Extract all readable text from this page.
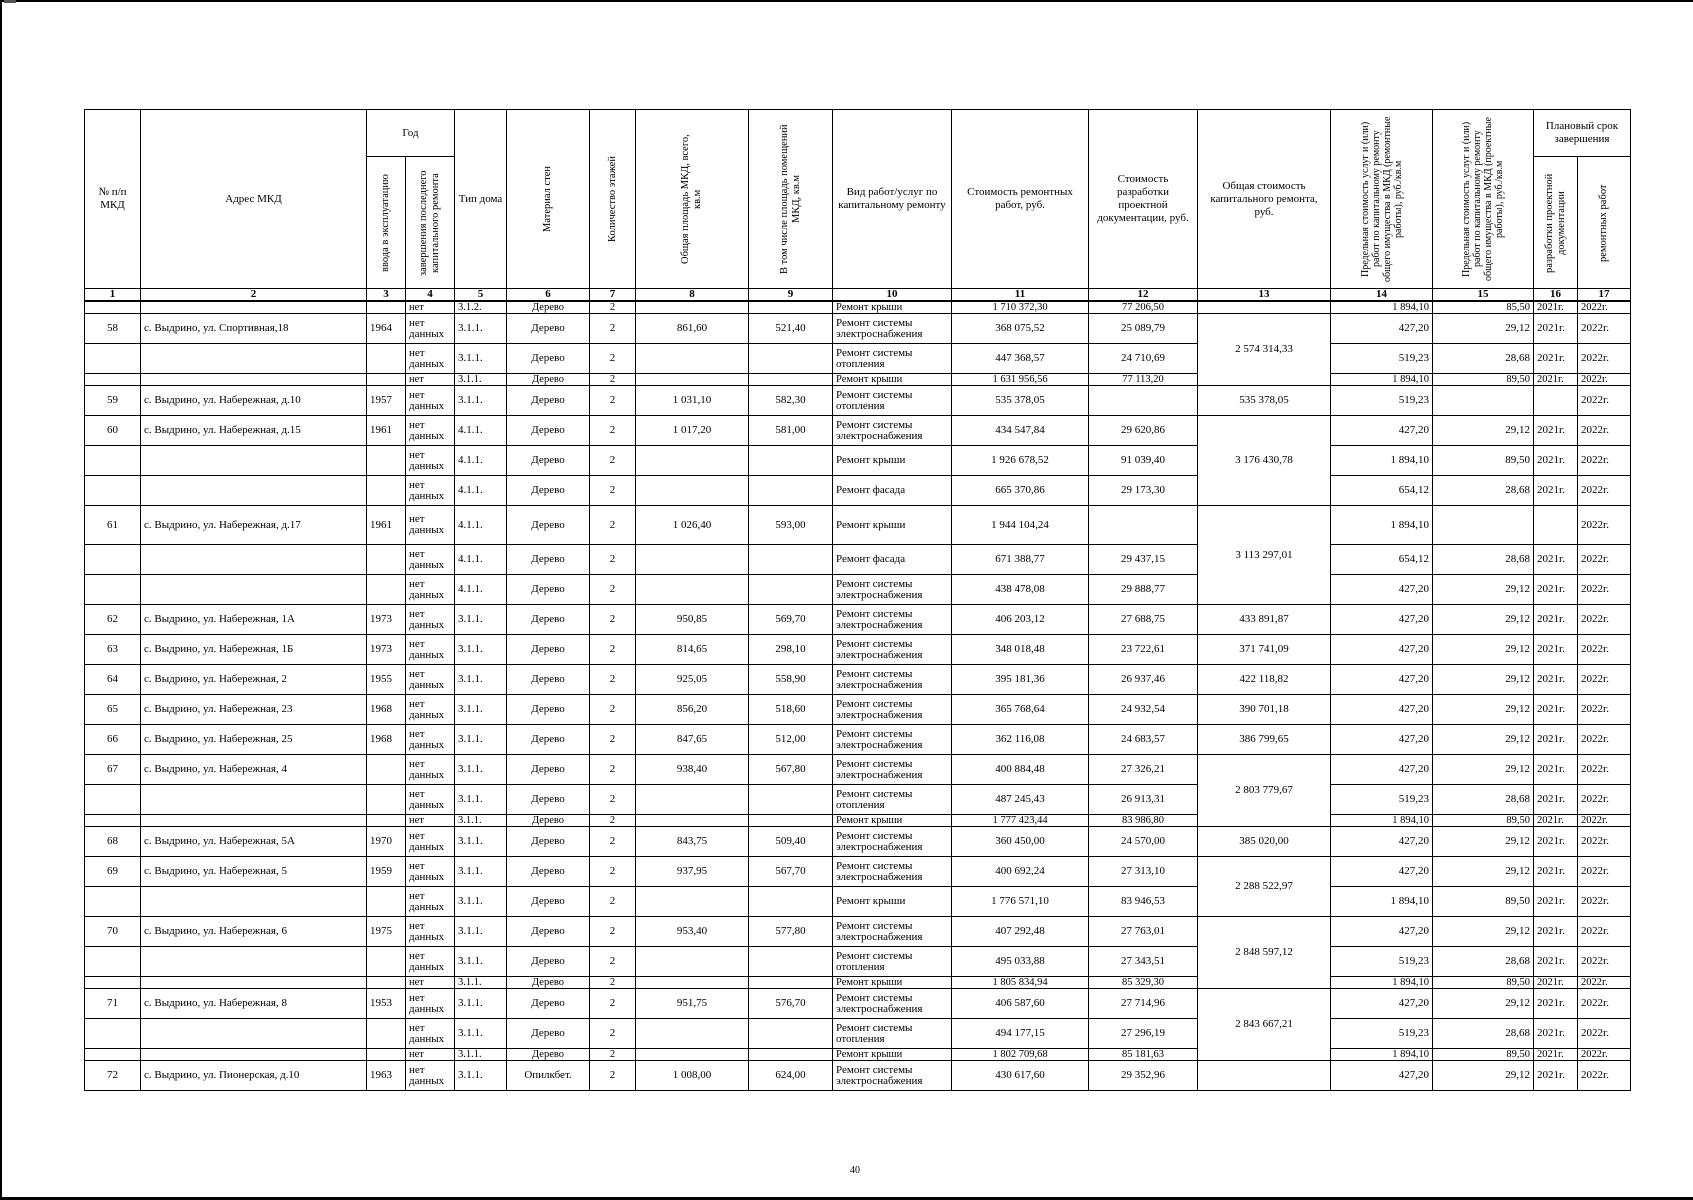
№ п/п МКД	Адрес МКД	Год		Тип дома	Материал стен	Количество этажей	Общая площадь МКД, всего, кв.м	В том числе площадь помещений МКД, кв.м	Вид работ/услуг по капитальному ремонту	Стоимость ремонтных работ, руб.	Стоимость разработки проектной документации, руб.	Общая стоимость капитального ремонта, руб.	Предельная стоимость услуг и (или) работ по капитальному ремонту общего имущества в МКД (ремонтные работы), руб./кв.м	Предельная стоимость услуг и (или) работ по капитальному ремонту общего имущества в МКД (проектные работы), руб./кв.м	Плановый срок завершения	

		ввода в эксплуатацию	завершения последнего капитального ремонта												разработки проектной документации	ремонтных работ

1	2	3	4	5	6	7	8	9	10	11	12	13	14	15	16	17
			нет	3.1.2.	Дерево	2			Ремонт крыши	1 710 372,30	77 206,50		1 894,10	85,50	2021г.	2022г.
58	с. Выдрино, ул. Спортивная,18	1964	нет данных	3.1.1.	Дерево	2	861,60	521,40	Ремонт системы электроснабжения	368 075,52	25 089,79	2 574 314,33	427,20	29,12	2021г.	2022г.
			нет данных	3.1.1.	Дерево	2			Ремонт системы отопления	447 368,57	24 710,69		519,23	28,68	2021г.	2022г.
			нет	3.1.1.	Дерево	2			Ремонт крыши	1 631 956,56	77 113,20		1 894,10	89,50	2021г.	2022г.
59	с. Выдрино, ул. Набережная, д.10	1957	нет данных	3.1.1.	Дерево	2	1 031,10	582,30	Ремонт системы отопления	535 378,05		535 378,05	519,23			2022г.
60	с. Выдрино, ул. Набережная, д.15	1961	нет данных	4.1.1.	Дерево	2	1 017,20	581,00	Ремонт системы электроснабжения	434 547,84	29 620,86	3 176 430,78	427,20	29,12	2021г.	2022г.
			нет данных	4.1.1.	Дерево	2			Ремонт крыши	1 926 678,52	91 039,40		1 894,10	89,50	2021г.	2022г.
			нет данных	4.1.1.	Дерево	2			Ремонт фасада	665 370,86	29 173,30		654,12	28,68	2021г.	2022г.
61	с. Выдрино, ул. Набережная, д.17	1961	нет данных	4.1.1.	Дерево	2	1 026,40	593,00	Ремонт крыши	1 944 104,24		3 113 297,01	1 894,10			2022г.
			нет данных	4.1.1.	Дерево	2			Ремонт фасада	671 388,77	29 437,15		654,12	28,68	2021г.	2022г.
			нет данных	4.1.1.	Дерево	2			Ремонт системы электроснабжения	438 478,08	29 888,77		427,20	29,12	2021г.	2022г.
62	с. Выдрино, ул. Набережная, 1А	1973	нет данных	3.1.1.	Дерево	2	950,85	569,70	Ремонт системы электроснабжения	406 203,12	27 688,75	433 891,87	427,20	29,12	2021г.	2022г.
63	с. Выдрино, ул. Набережная, 1Б	1973	нет данных	3.1.1.	Дерево	2	814,65	298,10	Ремонт системы электроснабжения	348 018,48	23 722,61	371 741,09	427,20	29,12	2021г.	2022г.
64	с. Выдрино, ул. Набережная, 2	1955	нет данных	3.1.1.	Дерево	2	925,05	558,90	Ремонт системы электроснабжения	395 181,36	26 937,46	422 118,82	427,20	29,12	2021г.	2022г.
65	с. Выдрино, ул. Набережная, 23	1968	нет данных	3.1.1.	Дерево	2	856,20	518,60	Ремонт системы электроснабжения	365 768,64	24 932,54	390 701,18	427,20	29,12	2021г.	2022г.
66	с. Выдрино, ул. Набережная, 25	1968	нет данных	3.1.1.	Дерево	2	847,65	512,00	Ремонт системы электроснабжения	362 116,08	24 683,57	386 799,65	427,20	29,12	2021г.	2022г.
67	с. Выдрино, ул. Набережная, 4		нет данных	3.1.1.	Дерево	2	938,40	567,80	Ремонт системы электроснабжения	400 884,48	27 326,21	2 803 779,67	427,20	29,12	2021г.	2022г.
			нет данных	3.1.1.	Дерево	2			Ремонт системы отопления	487 245,43	26 913,31		519,23	28,68	2021г.	2022г.
			нет	3.1.1.	Дерево	2			Ремонт крыши	1 777 423,44	83 986,80		1 894,10	89,50	2021г.	2022г.
68	с. Выдрино, ул. Набережная, 5А	1970	нет данных	3.1.1.	Дерево	2	843,75	509,40	Ремонт системы электроснабжения	360 450,00	24 570,00	385 020,00	427,20	29,12	2021г.	2022г.
69	с. Выдрино, ул. Набережная, 5	1959	нет данных	3.1.1.	Дерево	2	937,95	567,70	Ремонт системы электроснабжения	400 692,24	27 313,10	2 288 522,97	427,20	29,12	2021г.	2022г.
			нет данных	3.1.1.	Дерево	2			Ремонт крыши	1 776 571,10	83 946,53		1 894,10	89,50	2021г.	2022г.
70	с. Выдрино, ул. Набережная, 6	1975	нет данных	3.1.1.	Дерево	2	953,40	577,80	Ремонт системы электроснабжения	407 292,48	27 763,01	2 848 597,12	427,20	29,12	2021г.	2022г.
			нет данных	3.1.1.	Дерево	2			Ремонт системы отопления	495 033,88	27 343,51		519,23	28,68	2021г.	2022г.
			нет	3.1.1.	Дерево	2			Ремонт крыши	1 805 834,94	85 329,30		1 894,10	89,50	2021г.	2022г.
71	с. Выдрино, ул. Набережная, 8	1953	нет данных	3.1.1.	Дерево	2	951,75	576,70	Ремонт системы электроснабжения	406 587,60	27 714,96	2 843 667,21	427,20	29,12	2021г.	2022г.
			нет данных	3.1.1.	Дерево	2			Ремонт системы отопления	494 177,15	27 296,19		519,23	28,68	2021г.	2022г.
			нет	3.1.1.	Дерево	2			Ремонт крыши	1 802 709,68	85 181,63		1 894,10	89,50	2021г.	2022г.
72	с. Выдрино, ул. Пионерская, д.10	1963	нет данных	3.1.1.	Опилкбет.	2	1 008,00	624,00	Ремонт системы электроснабжения	430 617,60	29 352,96		427,20	29,12	2021г.	2022г.
40
